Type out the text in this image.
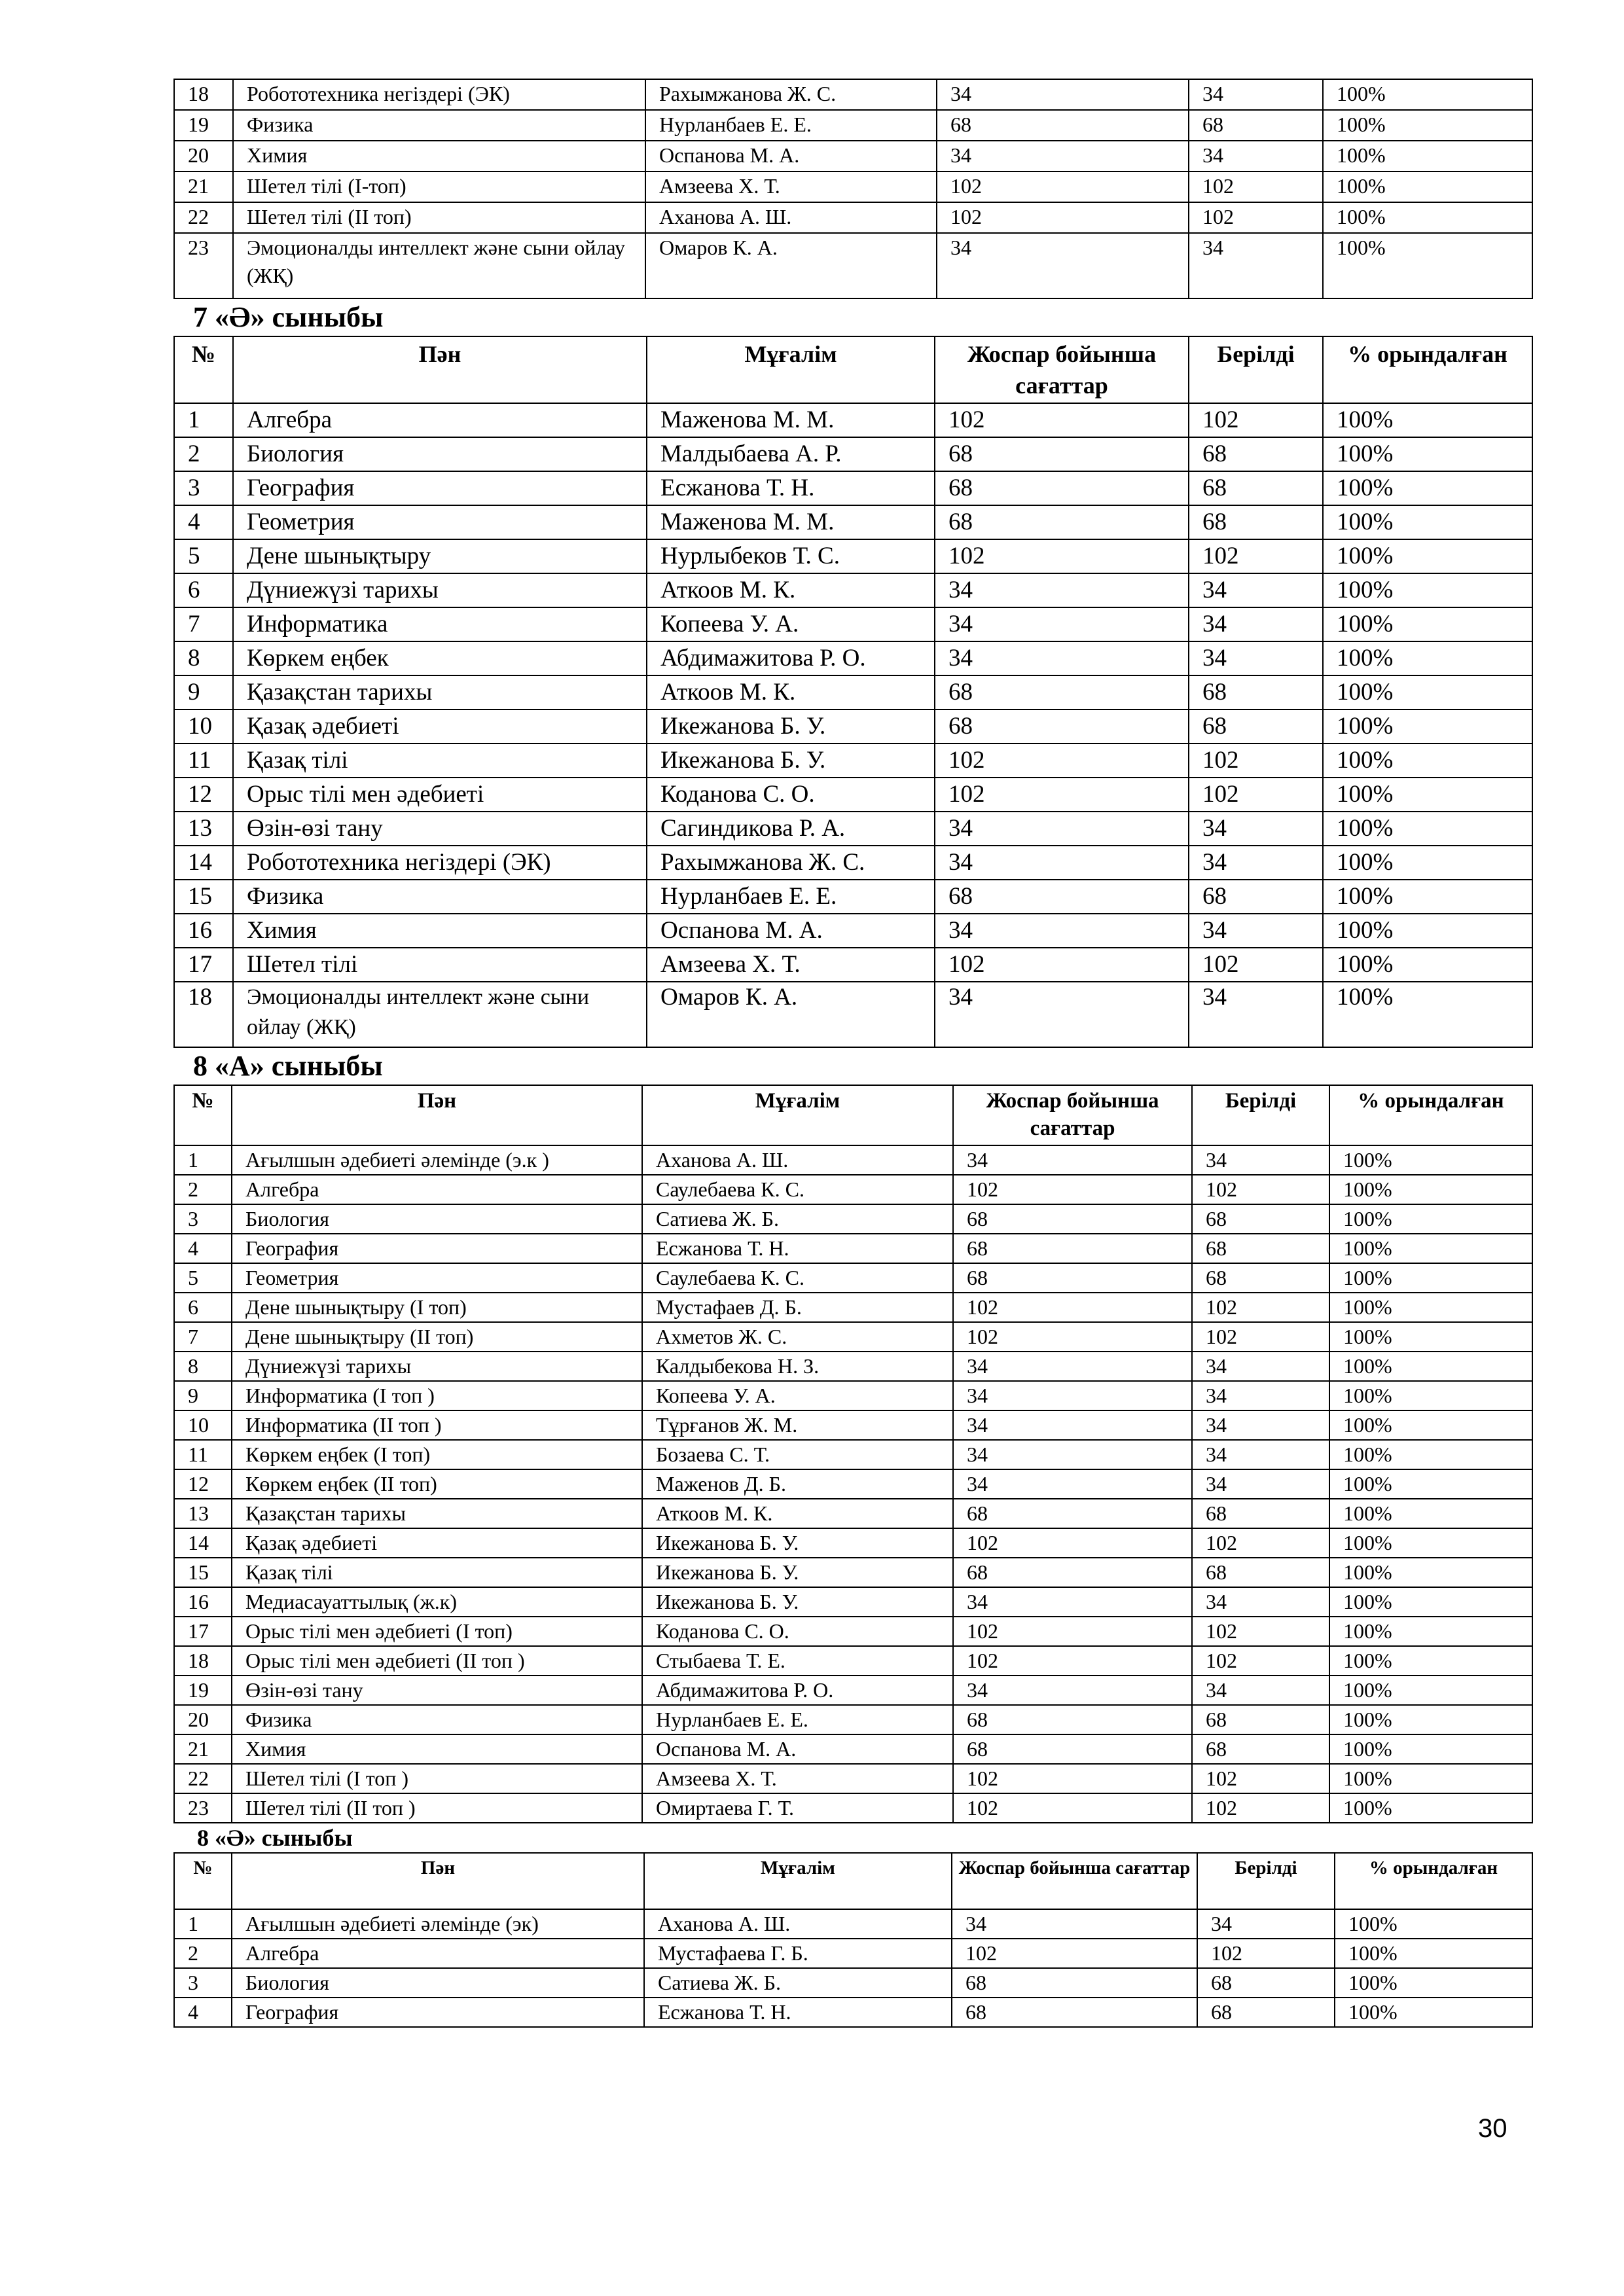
18	Робототехника негіздері (ЭК)	Рахымжанова Ж. С.	34	34	100%
19	Физика	Нурланбаев Е. Е.	68	68	100%
20	Химия	Оспанова М. А.	34	34	100%
21	Шетел тілі (І-топ)	Амзеева Х. Т.	102	102	100%
22	Шетел тілі (ІІ топ)	Аханова А. Ш.	102	102	100%
23	Эмоционалды интеллект және сыни ойлау (ЖҚ)	Омаров К. А.	34	34	100%
7 «Ә» сыныбы
№	Пән	Мұғалім	Жоспар бойынша сағаттар	Берілді	% орындалған
1	Алгебра	Маженова М. М.	102	102	100%
2	Биология	Малдыбаева А. Р.	68	68	100%
3	География	Есжанова Т. Н.	68	68	100%
4	Геометрия	Маженова М. М.	68	68	100%
5	Дене шынықтыру	Нурлыбеков Т. С.	102	102	100%
6	Дүниежүзі тарихы	Аткоов М. К.	34	34	100%
7	Информатика	Копеева У. А.	34	34	100%
8	Көркем еңбек	Абдимажитова Р. О.	34	34	100%
9	Қазақстан тарихы	Аткоов М. К.	68	68	100%
10	Қазақ әдебиеті	Икежанова Б. У.	68	68	100%
11	Қазақ тілі	Икежанова Б. У.	102	102	100%
12	Орыс тілі мен әдебиеті	Коданова С. О.	102	102	100%
13	Өзін-өзі тану	Сагиндикова Р. А.	34	34	100%
14	Робототехника негіздері (ЭК)	Рахымжанова Ж. С.	34	34	100%
15	Физика	Нурланбаев Е. Е.	68	68	100%
16	Химия	Оспанова М. А.	34	34	100%
17	Шетел тілі	Амзеева Х. Т.	102	102	100%
18	Эмоционалды интеллект және сыни ойлау (ЖҚ)	Омаров К. А.	34	34	100%
8 «А» сыныбы
№	Пән	Мұғалім	Жоспар бойынша сағаттар	Берілді	% орындалған
1	Ағылшын әдебиеті әлемінде (э.к )	Аханова А. Ш.	34	34	100%
2	Алгебра	Саулебаева К. С.	102	102	100%
3	Биология	Сатиева Ж. Б.	68	68	100%
4	География	Есжанова Т. Н.	68	68	100%
5	Геометрия	Саулебаева К. С.	68	68	100%
6	Дене шынықтыру (І топ)	Мустафаев Д. Б.	102	102	100%
7	Дене шынықтыру (ІІ топ)	Ахметов Ж. С.	102	102	100%
8	Дүниежүзі тарихы	Калдыбекова Н. З.	34	34	100%
9	Информатика (І топ )	Копеева У. А.	34	34	100%
10	Информатика (ІІ топ )	Тұрғанов Ж. М.	34	34	100%
11	Көркем еңбек (І топ)	Бозаева С. Т.	34	34	100%
12	Көркем еңбек (ІІ топ)	Маженов Д. Б.	34	34	100%
13	Қазақстан тарихы	Аткоов М. К.	68	68	100%
14	Қазақ әдебиеті	Икежанова Б. У.	102	102	100%
15	Қазақ тілі	Икежанова Б. У.	68	68	100%
16	Медиасауаттылық (ж.к)	Икежанова Б. У.	34	34	100%
17	Орыс тілі мен әдебиеті (І топ)	Коданова С. О.	102	102	100%
18	Орыс тілі мен әдебиеті (ІІ топ )	Стыбаева Т. Е.	102	102	100%
19	Өзін-өзі тану	Абдимажитова Р. О.	34	34	100%
20	Физика	Нурланбаев Е. Е.	68	68	100%
21	Химия	Оспанова М. А.	68	68	100%
22	Шетел тілі (І топ )	Амзеева Х. Т.	102	102	100%
23	Шетел тілі (ІІ топ )	Омиртаева Г. Т.	102	102	100%
8 «Ә» сыныбы
№	Пән	Мұғалім	Жоспар бойынша сағаттар	Берілді	% орындалған
1	Ағылшын әдебиеті әлемінде (эк)	Аханова А. Ш.	34	34	100%
2	Алгебра	Мустафаева Г. Б.	102	102	100%
3	Биология	Сатиева Ж. Б.	68	68	100%
4	География	Есжанова Т. Н.	68	68	100%
30
